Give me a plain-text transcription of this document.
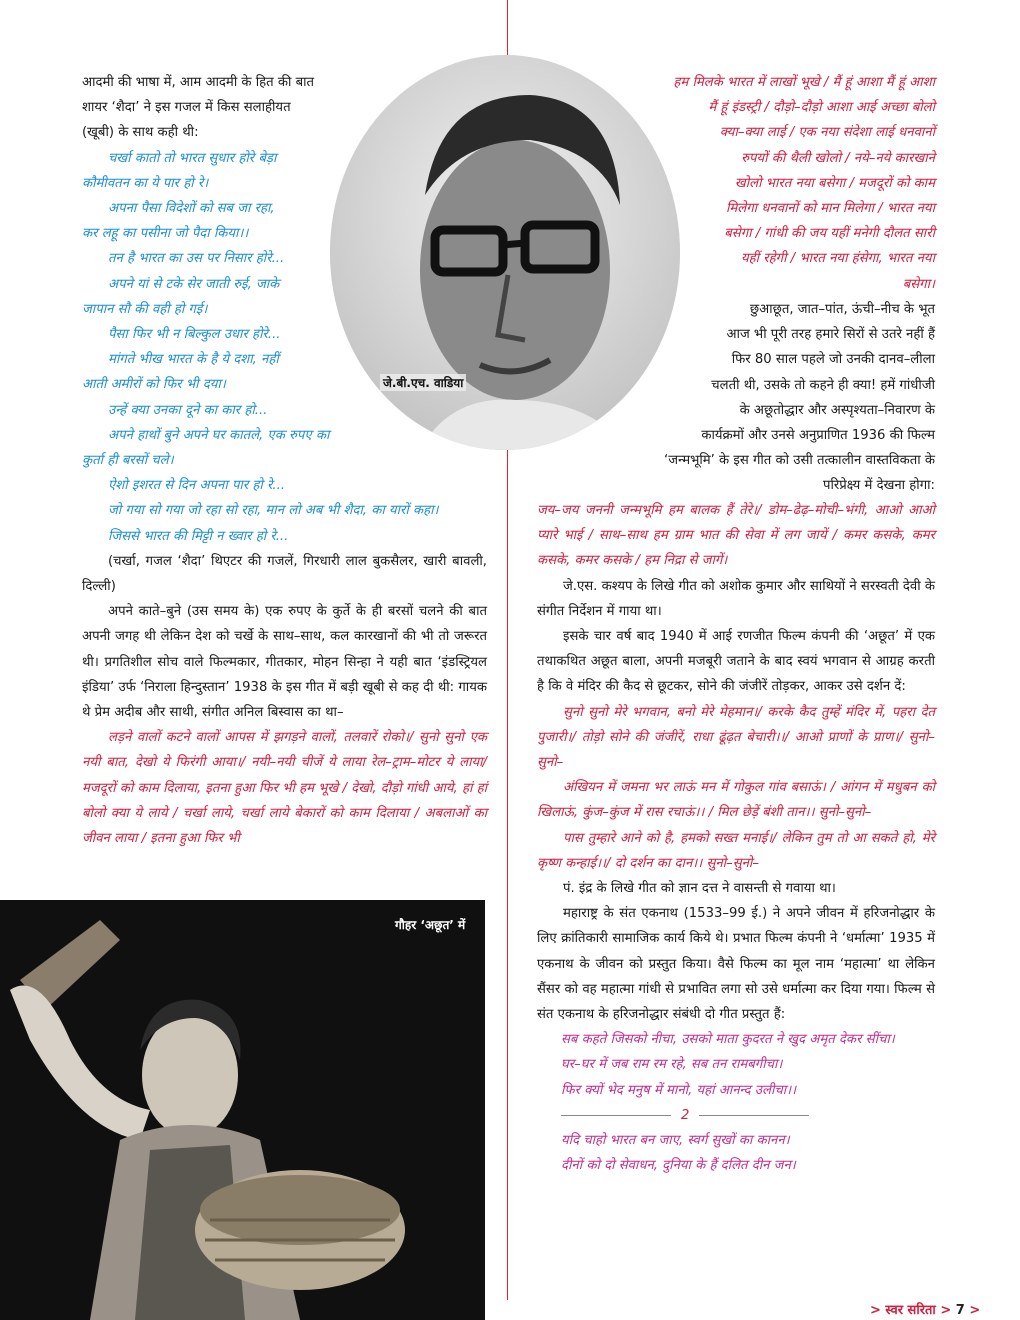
आदमी की भाषा में, आम आदमी के हित की बात

शायर ‘शैदा’ ने इस गजल में किस सलाहीयत

(खूबी) के साथ कही थी:

चर्खा कातो तो भारत सुधार होरे बेड़ा

कौमीवतन का ये पार हो रे।

अपना पैसा विदेशों को सब जा रहा,

कर लहू का पसीना जो पैदा किया।।

तन है भारत का उस पर निसार होरे...

अपने यां से टके सेर जाती रुई, जाके

जापान सौ की वही हो गई।

पैसा फिर भी न बिल्कुल उधार होरे...

मांगते भीख भारत के है ये दशा, नहीं

आती अमीरों को फिर भी दया।

उन्हें क्या उनका दूने का कार हो...

अपने हाथों बुने अपने घर कातले, एक रुपए का

कुर्ता ही बरसों चले।

ऐशो इशरत से दिन अपना पार हो रे...

जो गया सो गया जो रहा सो रहा, मान लो अब भी शैदा, का यारों कहा।

जिससे भारत की मिट्टी न ख्वार हो रे...

(चर्खा, गजल ‘शैदा’ थिएटर की गजलें, गिरधारी लाल बुकसैलर, खारी बावली, दिल्ली)

अपने काते–बुने (उस समय के) एक रुपए के कुर्ते के ही बरसों चलने की बात अपनी जगह थी लेकिन देश को चर्खे के साथ–साथ, कल कारखानों की भी तो जरूरत थी। प्रगतिशील सोच वाले फिल्मकार, गीतकार, मोहन सिन्हा ने यही बात ‘इंडस्ट्रियल इंडिया’ उर्फ ‘निराला हिन्दुस्तान’ 1938 के इस गीत में बड़ी खूबी से कह दी थी: गायक थे प्रेम अदीब और साथी, संगीत अनिल बिस्वास का था–

लड़ने वालों कटने वालों आपस में झगड़ने वालों, तलवारें रोको।/ सुनो सुनो एक नयी बात, देखो ये फिरंगी आया।/ नयी–नयी चीजें ये लाया रेल–ट्राम–मोटर ये लाया/ मजदूरों को काम दिलाया, इतना हुआ फिर भी हम भूखे / देखो, दौड़ो गांधी आये, हां हां बोलो क्या ये लाये / चर्खा लाये, चर्खा लाये बेकारों को काम दिलाया / अबलाओं का जीवन लाया / इतना हुआ फिर भी

जे.बी.एच. वाडिया
गौहर ‘अछूत’ में

हम मिलके भारत में लाखों भूखे / मैं हूं आशा मैं हूं आशा

मैं हूं इंडस्ट्री / दौड़ो–दौड़ो आशा आई अच्छा बोलो

क्या–क्या लाई / एक नया संदेशा लाई धनवानों

रुपयों की थैली खोलो / नये–नये कारखाने

खोलो भारत नया बसेगा / मजदूरों को काम

मिलेगा धनवानों को मान मिलेगा / भारत नया

बसेगा / गांधी की जय यहीं मनेगी दौलत सारी

यहीं रहेगी / भारत नया हंसेगा, भारत नया

बसेगा।

छुआछूत, जात–पांत, ऊंची–नीच के भूत

आज भी पूरी तरह हमारे सिरों से उतरे नहीं हैं

फिर 80 साल पहले जो उनकी दानव–लीला

चलती थी, उसके तो कहने ही क्या! हमें गांधीजी

के अछूतोद्धार और अस्पृश्यता–निवारण के

कार्यक्रमों और उनसे अनुप्राणित 1936 की फिल्म

‘जन्मभूमि’ के इस गीत को उसी तत्कालीन वास्तविकता के

परिप्रेक्ष्य में देखना होगा:

जय–जय जननी जन्मभूमि हम बालक हैं तेरे।/ डोम–ढेढ़–मोची–भंगी, आओ आओ प्यारे भाई / साथ–साथ हम ग्राम भात की सेवा में लग जायें / कमर कसके, कमर कसके, कमर कसके / हम निद्रा से जागें।

जे.एस. कश्यप के लिखे गीत को अशोक कुमार और साथियों ने सरस्वती देवी के संगीत निर्देशन में गाया था।

इसके चार वर्ष बाद 1940 में आई रणजीत फिल्म कंपनी की ‘अछूत’ में एक तथाकथित अछूत बाला, अपनी मजबूरी जताने के बाद स्वयं भगवान से आग्रह करती है कि वे मंदिर की कैद से छूटकर, सोने की जंजीरें तोड़कर, आकर उसे दर्शन दें:

सुनो सुनो मेरे भगवान, बनो मेरे मेहमान।/ करके कैद तुम्हें मंदिर में, पहरा देत पुजारी।/ तोड़ो सोने की जंजीरें, राधा ढूंढ़त बेचारी।।/ आओ प्राणों के प्राण।/ सुनो–सुनो–

अंखियन में जमना भर लाऊं मन में गोकुल गांव बसाऊं। / आंगन में मधुबन को खिलाऊं, कुंज–कुंज में रास रचाऊं।। / मिल छेड़ें बंशी तान।। सुनो–सुनो–

पास तुम्हारे आने को है, हमको सख्त मनाई।/ लेकिन तुम तो आ सकते हो, मेरे कृष्ण कन्हाई।।/ दो दर्शन का दान।। सुनो–सुनो–

पं. इंद्र के लिखे गीत को ज्ञान दत्त ने वासन्ती से गवाया था।

महाराष्ट्र के संत एकनाथ (1533–99 ई.) ने अपने जीवन में हरिजनोद्धार के लिए क्रांतिकारी सामाजिक कार्य किये थे। प्रभात फिल्म कंपनी ने ‘धर्मात्मा’ 1935 में एकनाथ के जीवन को प्रस्तुत किया। वैसे फिल्म का मूल नाम ‘महात्मा’ था लेकिन सैंसर को वह महात्मा गांधी से प्रभावित लगा सो उसे धर्मात्मा कर दिया गया। फिल्म से संत एकनाथ के हरिजनोद्धार संबंधी दो गीत प्रस्तुत हैं:

सब कहते जिसको नीचा, उसको माता कुदरत ने खुद अमृत देकर सींचा।

घर–घर में जब राम रम रहे, सब तन रामबगीचा।

फिर क्यों भेद मनुष में मानो, यहां आनन्द उलीचा।।

2

यदि चाहो भारत बन जाए, स्वर्ग सुखों का कानन।

दीनों को दो सेवाधन, दुनिया के हैं दलित दीन जन।

> स्वर सरिता > 7 >
